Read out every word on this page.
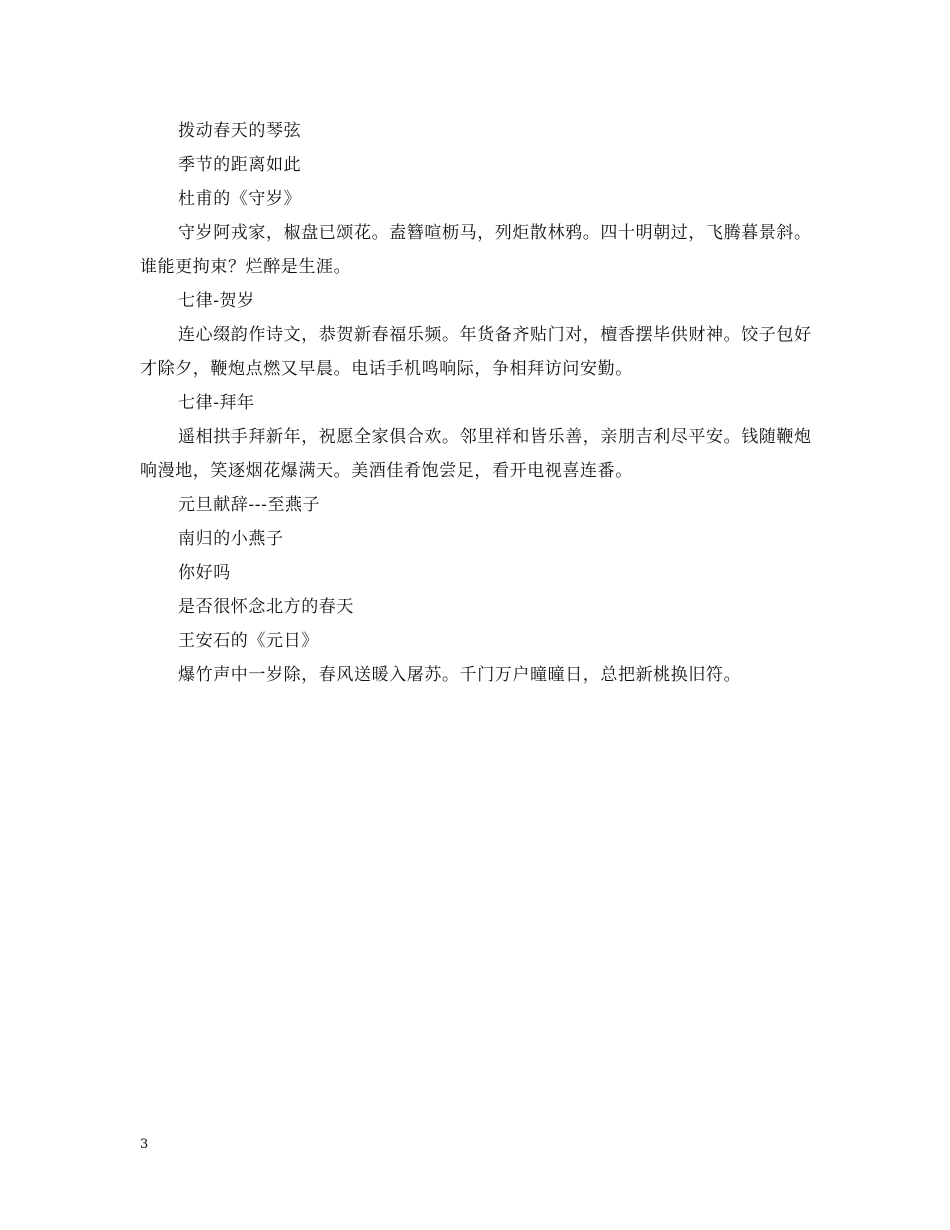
拨动春天的琴弦

季节的距离如此

杜甫的《守岁》

守岁阿戎家，椒盘已颂花。盍簪喧枥马，列炬散林鸦。四十明朝过，飞腾暮景斜。谁能更拘束？烂醉是生涯。

七律-贺岁

连心缀韵作诗文，恭贺新春福乐频。年货备齐贴门对，檀香摆毕供财神。饺子包好才除夕，鞭炮点燃又早晨。电话手机鸣响际，争相拜访问安勤。

七律-拜年

遥相拱手拜新年，祝愿全家俱合欢。邻里祥和皆乐善，亲朋吉利尽平安。钱随鞭炮响漫地，笑逐烟花爆满天。美酒佳肴饱尝足，看开电视喜连番。

元旦献辞---至燕子

南归的小燕子

你好吗

是否很怀念北方的春天

王安石的《元日》

爆竹声中一岁除，春风送暖入屠苏。千门万户曈曈日，总把新桃换旧符。

3
